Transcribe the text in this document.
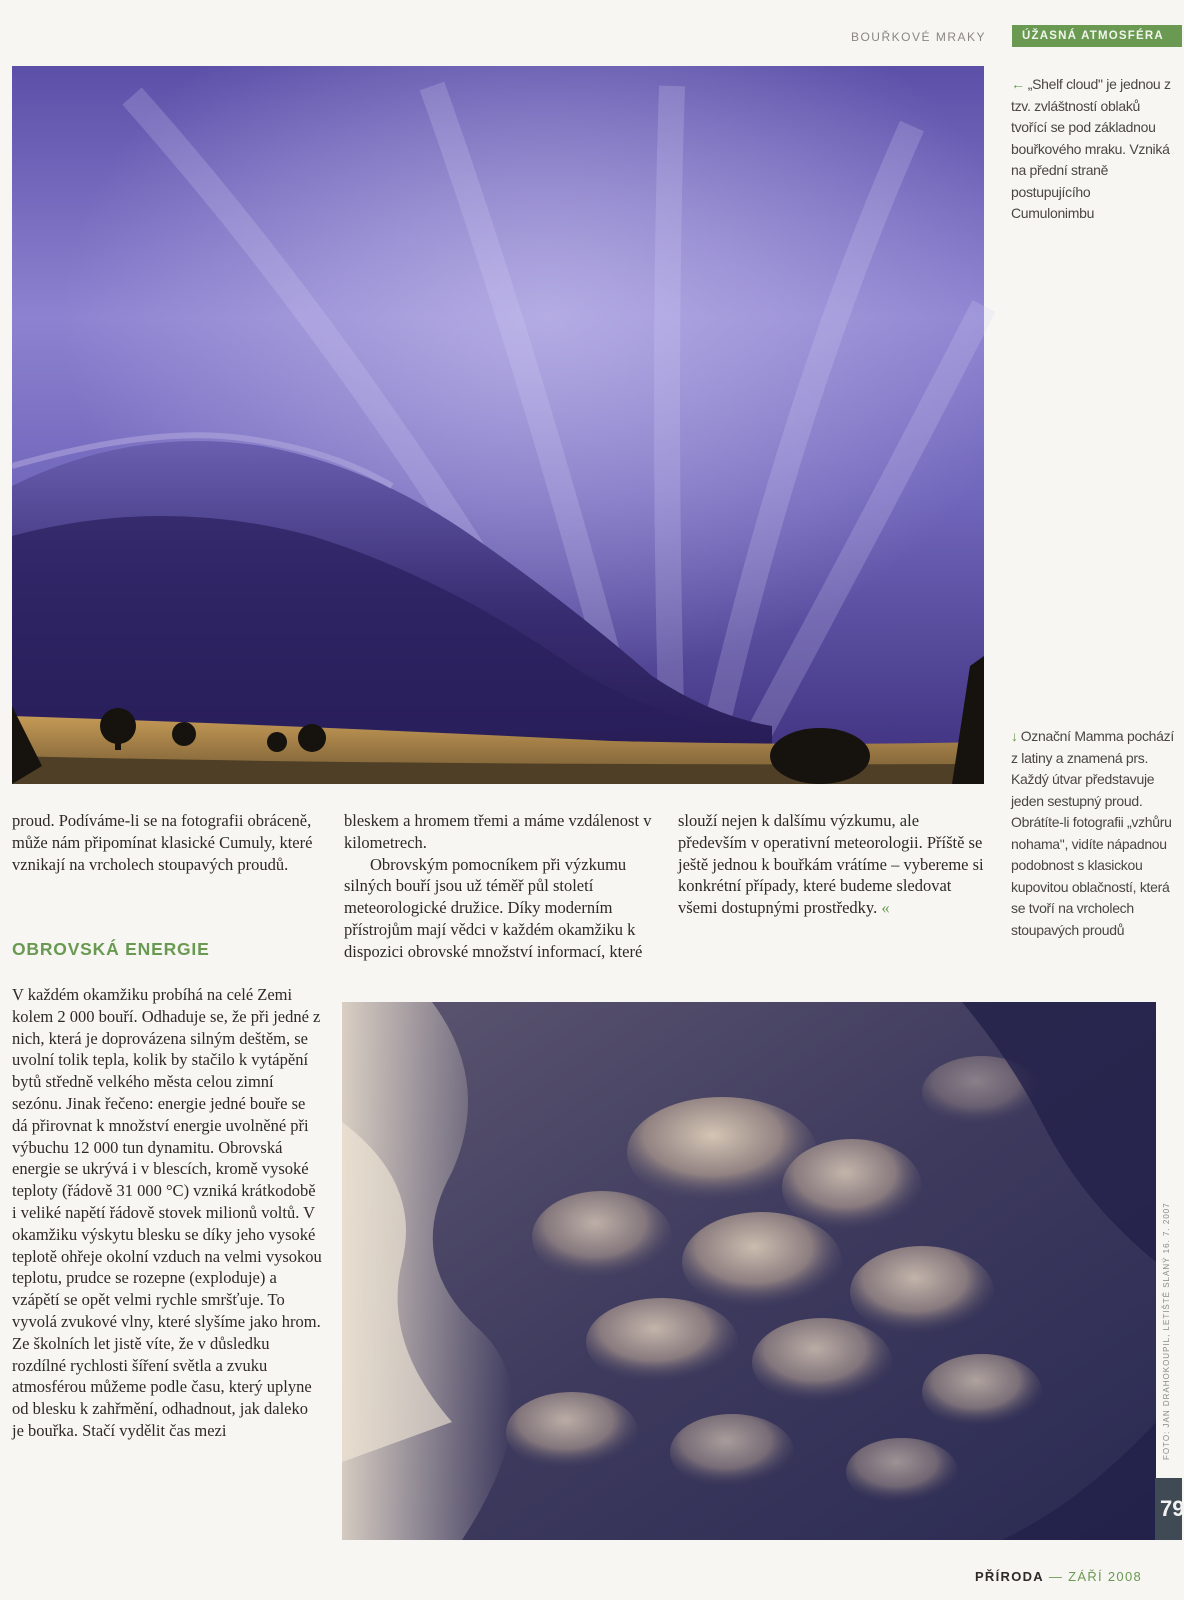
BOUŘKOVÉ MRAKY	ÚŽASNÁ ATMOSFÉRA
← „Shelf cloud" je jednou z tzv. zvláštností oblaků tvořící se pod základnou bouřkového mraku. Vzniká na přední straně postupujícího Cumulonimbu
↓ Označní Mamma pochází z latiny a znamená prs. Každý útvar představuje jeden sestupný proud. Obrátíte-li fotografii „vzhůru nohama", vidíte nápadnou podobnost s klasickou kupovitou oblačností, která se tvoří na vrcholech stoupavých proudů

proud. Podíváme-li se na fotografii obráceně, může nám připomínat klasické Cumuly, které vznikají na vrcholech stoupavých proudů.

OBROVSKÁ ENERGIE

V každém okamžiku probíhá na celé Zemi kolem 2 000 bouří. Odhaduje se, že při jedné z nich, která je doprovázena silným deštěm, se uvolní tolik tepla, kolik by stačilo k vytápění bytů středně velkého města celou zimní sezónu. Jinak řečeno: energie jedné bouře se dá přirovnat k množství energie uvolněné při výbuchu 12 000 tun dynamitu. Obrovská energie se ukrývá i v blescích, kromě vysoké teploty (řádově 31 000 °C) vzniká krátkodobě i veliké napětí řádově stovek milionů voltů. V okamžiku výskytu blesku se díky jeho vysoké teplotě ohřeje okolní vzduch na velmi vysokou teplotu, prudce se rozepne (exploduje) a vzápětí se opět velmi rychle smršťuje. To vyvolá zvukové vlny, které slyšíme jako hrom. Ze školních let jistě víte, že v důsledku rozdílné rychlosti šíření světla a zvuku atmosférou můžeme podle času, který uplyne od blesku k zahřmění, odhadnout, jak daleko je bouřka. Stačí vydělit čas mezi

bleskem a hromem třemi a máme vzdálenost v kilometrech.

Obrovským pomocníkem při výzkumu silných bouří jsou už téměř půl století meteorologické družice. Díky moderním přístrojům mají vědci v každém okamžiku k dispozici obrovské množství informací, které

slouží nejen k dalšímu výzkumu, ale především v operativní meteorologii. Příště se ještě jednou k bouřkám vrátíme – vybereme si konkrétní případy, které budeme sledovat všemi dostupnými prostředky. «

FOTO: JAN DRAHOKOUPIL, LETIŠTĚ SLANÝ 16. 7. 2007
79
PŘÍRODA — ZÁŘÍ 2008
